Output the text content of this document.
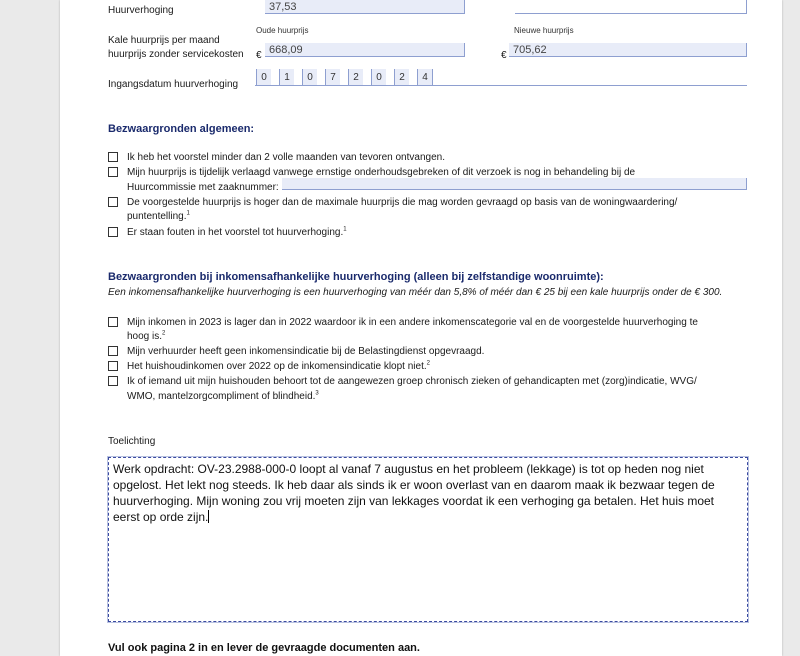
Huurverhoging	37,53
Oude huurprijs	Nieuwe huurprijs
Kale huurprijs per maand
huurprijs zonder servicekosten € 668,09	€ 705,62
Ingangsdatum huurverhoging
0	1	0	7	2	0	2	4
Bezwaargronden algemeen:
Ik heb het voorstel minder dan 2 volle maanden van tevoren ontvangen.
Mijn huurprijs is tijdelijk verlaagd vanwege ernstige onderhoudsgebreken of dit verzoek is nog in behandeling bij de
Huurcommissie met zaaknummer:
De voorgestelde huurprijs is hoger dan de maximale huurprijs die mag worden gevraagd op basis van de woningwaardering/
puntentelling.$^1$
Er staan fouten in het voorstel tot huurverhoging.$^1$
Bezwaargronden bij inkomensafhankelijke huurverhoging (alleen bij zelfstandige woonruimte):
Een inkomensafhankelijke huurverhoging is een huurverhoging van méér dan 5,8% of méér dan € 25 bij een kale huurprijs onder de € 300.
Mijn inkomen in 2023 is lager dan in 2022 waardoor ik in een andere inkomenscategorie val en de voorgestelde huurverhoging te
hoog is.$^2$
Mijn verhuurder heeft geen inkomensindicatie bij de Belastingdienst opgevraagd.
Het huishoudinkomen over 2022 op de inkomensindicatie klopt niet.$^2$
Ik of iemand uit mijn huishouden behoort tot de aangewezen groep chronisch zieken of gehandicapten met (zorg)indicatie, WVG/
WMO, mantelzorgcompliment of blindheid.$^3$
Toelichting
Werk opdracht: OV-23.2988-000-0 loopt al vanaf 7 augustus en het probleem (lekkage) is tot op heden nog niet opgelost. Het lekt nog steeds. Ik heb daar als sinds ik er woon overlast van en daarom maak ik bezwaar tegen de huurverhoging. Mijn woning zou vrij moeten zijn van lekkages voordat ik een verhoging ga betalen. Het huis moet eerst op orde zijn.
Vul ook pagina 2 in en lever de gevraagde documenten aan.
